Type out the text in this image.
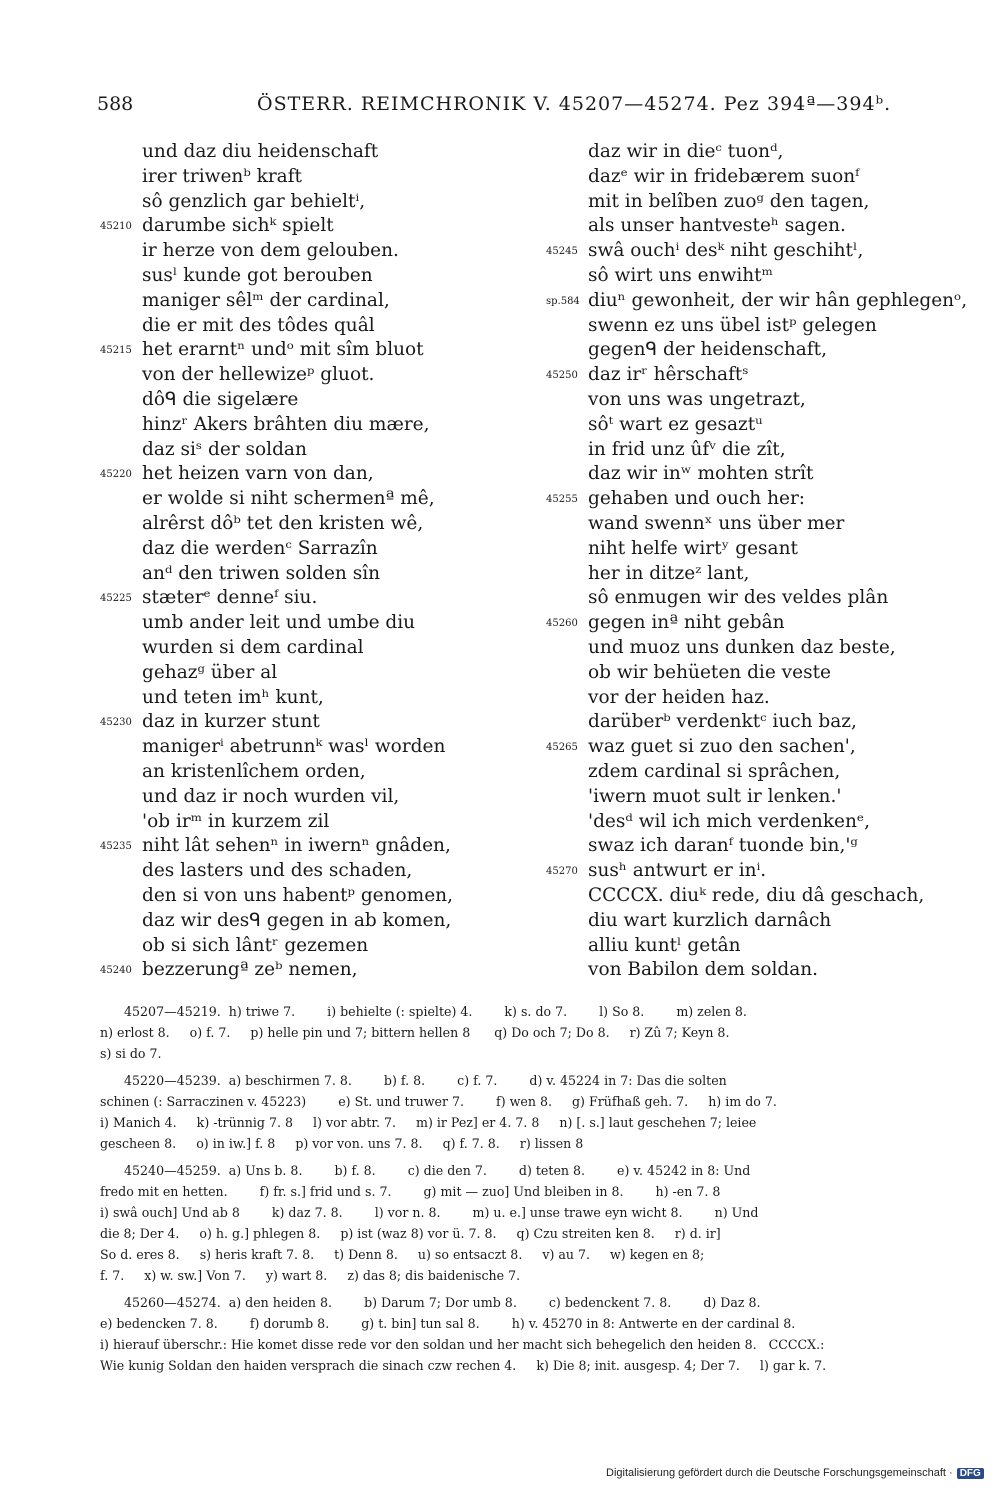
588	ÖSTERR. REIMCHRONIK V. 45207—45274. Pez 394ª—394ᵇ.
und daz diu heidenschaft
irer triwenᵇ kraft
sô genzlich gar behieltⁱ,
45210 darumbe sichᵏ spielt
ir herze von dem gelouben.
susˡ kunde got berouben
maniger sêlᵐ der cardinal,
die er mit des tôdes quâl
45215 het erarntⁿ undᵒ mit sîm bluot
von der hellewizeᵖ gluot.
dôᑫ die sigelære
hinzʳ Akers brâhten diu mære,
daz siˢ der soldan
45220 het heizen varn von dan,
er wolde si niht schermenª mê,
alrêrst dôᵇ tet den kristen wê,
daz die werdenᶜ Sarrazîn
anᵈ den triwen solden sîn
45225 stæterᵉ denneᶠ siu.
umb ander leit und umbe diu
wurden si dem cardinal
gehazᵍ über al
und teten imʰ kunt,
45230 daz in kurzer stunt
manigerⁱ abetrunnᵏ wasˡ worden
an kristenlîchem orden,
und daz ir noch wurden vil,
'ob irᵐ in kurzem zil
45235 niht lât sehenⁿ in iwernⁿ gnâden,
des lasters und des schaden,
den si von uns habentᵖ genomen,
daz wir desᑫ gegen in ab komen,
ob si sich lântʳ gezemen
45240 bezzerungª zeᵇ nemen,
daz wir in dieᶜ tuonᵈ,
dazᵉ wir in fridebærem suonᶠ
mit in belîben zuoᵍ den tagen,
als unser hantvesteʰ sagen.
45245 swâ ouchⁱ desᵏ niht geschihtˡ,
sô wirt uns enwihtᵐ
sp.584 diuⁿ gewonheit, der wir hân gephlegenᵒ,
swenn ez uns übel istᵖ gelegen
gegenᑫ der heidenschaft,
45250 daz irʳ hêrschaftˢ
von uns was ungetrazt,
sôᵗ wart ez gesaztᵘ
in frid unz ûfᵛ die zît,
daz wir inʷ mohten strît
45255 gehaben und ouch her:
wand swennˣ uns über mer
niht helfe wirtʸ gesant
her in ditzeᶻ lant,
sô enmugen wir des veldes plân
45260 gegen inª niht gebân
und muoz uns dunken daz beste,
ob wir behüeten die veste
vor der heiden haz.
darüberᵇ verdenktᶜ iuch baz,
45265 waz guet si zuo den sachen',
zdem cardinal si sprâchen,
'iwern muot sult ir lenken.'
'desᵈ wil ich mich verdenkenᵉ,
swaz ich daranᶠ tuonde bin,'ᵍ
45270 susʰ antwurt er inⁱ.
CCCCX. diuᵏ rede, diu dâ geschach,
diu wart kurzlich darnâch
alliu kuntˡ getân
von Babilon dem soldan.
45207—45219.  h) triwe 7.        i) behielte (: spielte) 4.        k) s. do 7.        l) So 8.        m) zelen 8.
n) erlost 8.     o) f. 7.     p) helle pin und 7; bittern hellen 8      q) Do och 7; Do 8.     r) Zû 7; Keyn 8.
s) si do 7.
45220—45239.  a) beschirmen 7. 8.        b) f. 8.        c) f. 7.        d) v. 45224 in 7: Das die solten
schinen (: Sarraczinen v. 45223)        e) St. und truwer 7.        f) wen 8.     g) Früfhaß geh. 7.     h) im do 7.
i) Manich 4.     k) -trünnig 7. 8     l) vor abtr. 7.     m) ir Pez] er 4. 7. 8     n) [. s.] laut geschehen 7; leiee
gescheen 8.     o) in iw.] f. 8     p) vor von. uns 7. 8.     q) f. 7. 8.     r) lissen 8
45240—45259.  a) Uns b. 8.        b) f. 8.        c) die den 7.        d) teten 8.        e) v. 45242 in 8: Und
fredo mit en hetten.        f) fr. s.] frid und s. 7.        g) mit — zuo] Und bleiben in 8.        h) -en 7. 8
i) swâ ouch] Und ab 8        k) daz 7. 8.        l) vor n. 8.        m) u. e.] unse trawe eyn wicht 8.        n) Und
die 8; Der 4.     o) h. g.] phlegen 8.     p) ist (waz 8) vor ü. 7. 8.     q) Czu streiten ken 8.     r) d. ir]
So d. eres 8.     s) heris kraft 7. 8.     t) Denn 8.     u) so entsaczt 8.     v) au 7.     w) kegen en 8;
f. 7.     x) w. sw.] Von 7.     y) wart 8.     z) das 8; dis baidenische 7.
45260—45274.  a) den heiden 8.        b) Darum 7; Dor umb 8.        c) bedenckent 7. 8.        d) Daz 8.
e) bedencken 7. 8.        f) dorumb 8.        g) t. bin] tun sal 8.        h) v. 45270 in 8: Antwerte en der cardinal 8.
i) hierauf überschr.: Hie komet disse rede vor den soldan und her macht sich behegelich den heiden 8.   CCCCX.:
Wie kunig Soldan den haiden versprach die sinach czw rechen 4.     k) Die 8; init. ausgesp. 4; Der 7.     l) gar k. 7.
Digitalisierung gefördert durch die Deutsche Forschungsgemeinschaft · DFG
